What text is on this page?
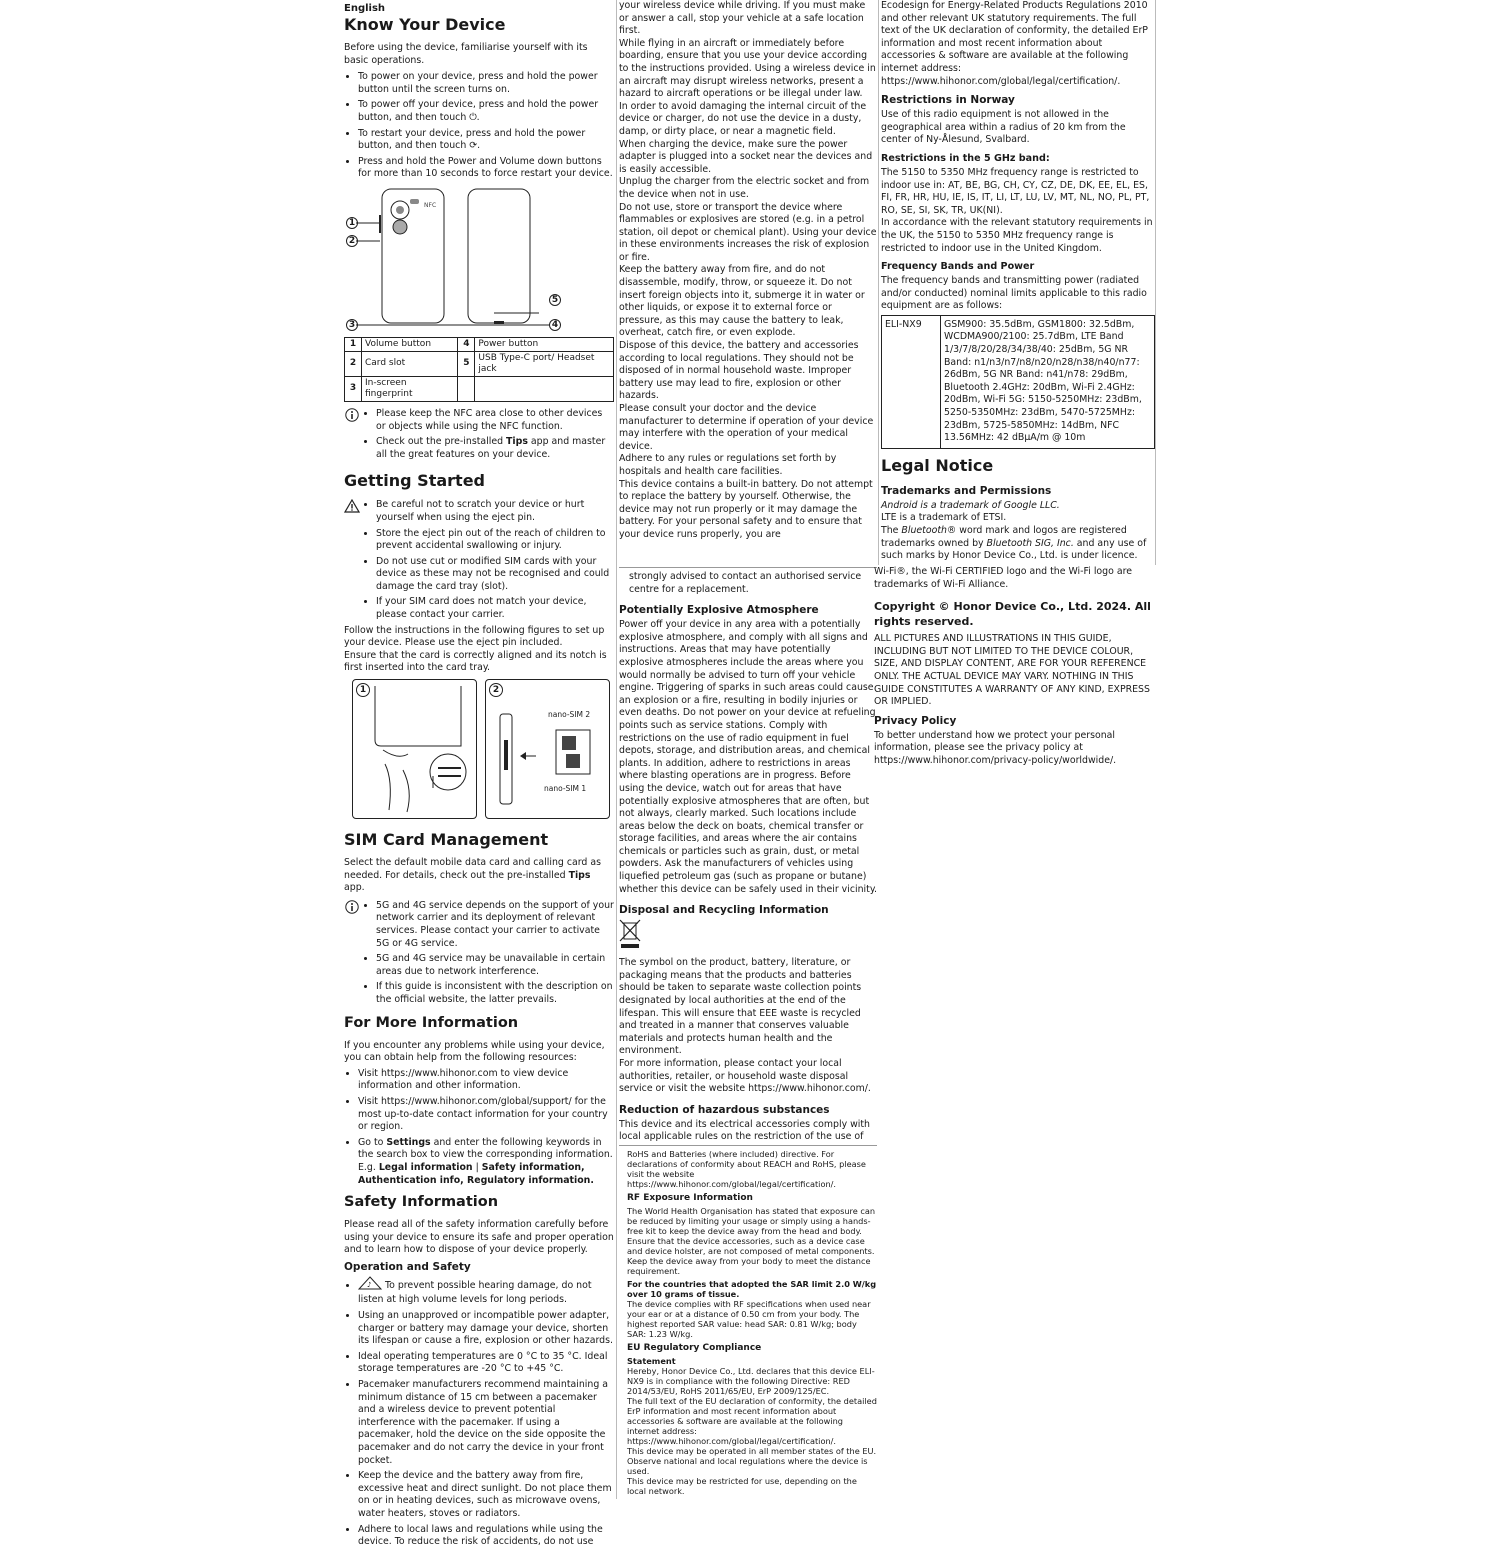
English
Know Your Device

Before using the device, familiarise yourself with its basic operations.

• To power on your device, press and hold the power button until the screen turns on.
• To power off your device, press and hold the power button, and then touch ⏻.
• To restart your device, press and hold the power button, and then touch ⟳.
• Press and hold the Power and Volume down buttons for more than 10 seconds to force restart your device.
NFC
1
2
3	4
5
1	Volume button	4	Power button
2	Card slot	5	USB Type-C port/ Headset jack
3	In-screen fingerprint		
• Please keep the NFC area close to other devices or objects while using the NFC function.
• Check out the pre-installed Tips app and master all the great features on your device.
Getting Started
• Be careful not to scratch your device or hurt yourself when using the eject pin.
• Store the eject pin out of the reach of children to prevent accidental swallowing or injury.
• Do not use cut or modified SIM cards with your device as these may not be recognised and could damage the card tray (slot).
• If your SIM card does not match your device, please contact your carrier.

Follow the instructions in the following figures to set up your device. Please use the eject pin included.

Ensure that the card is correctly aligned and its notch is first inserted into the card tray.

1	2
nano-SIM 2
nano-SIM 1
SIM Card Management

Select the default mobile data card and calling card as needed. For details, check out the pre-installed Tips app.

• 5G and 4G service depends on the support of your network carrier and its deployment of relevant services. Please contact your carrier to activate 5G or 4G service.
• 5G and 4G service may be unavailable in certain areas due to network interference.
• If this guide is inconsistent with the description on the official website, the latter prevails.
For More Information

If you encounter any problems while using your device, you can obtain help from the following resources:

• Visit https://www.hihonor.com to view device information and other information.
• Visit https://www.hihonor.com/global/support/ for the most up-to-date contact information for your country or region.
• Go to Settings and enter the following keywords in the search box to view the corresponding information. E.g. Legal information | Safety information, Authentication info, Regulatory information.
Safety Information

Please read all of the safety information carefully before using your device to ensure its safe and proper operation and to learn how to dispose of your device properly.

Operation and Safety
• ♪ To prevent possible hearing damage, do not listen at high volume levels for long periods.
• Using an unapproved or incompatible power adapter, charger or battery may damage your device, shorten its lifespan or cause a fire, explosion or other hazards.
• Ideal operating temperatures are 0 °C to 35 °C. Ideal storage temperatures are -20 °C to +45 °C.
• Pacemaker manufacturers recommend maintaining a minimum distance of 15 cm between a pacemaker and a wireless device to prevent potential interference with the pacemaker. If using a pacemaker, hold the device on the side opposite the pacemaker and do not carry the device in your front pocket.
• Keep the device and the battery away from fire, excessive heat and direct sunlight. Do not place them on or in heating devices, such as microwave ovens, water heaters, stoves or radiators.
• Adhere to local laws and regulations while using the device. To reduce the risk of accidents, do not use

your wireless device while driving. If you must make or answer a call, stop your vehicle at a safe location first.

While flying in an aircraft or immediately before boarding, ensure that you use your device according to the instructions provided. Using a wireless device in an aircraft may disrupt wireless networks, present a hazard to aircraft operations or be illegal under law.

In order to avoid damaging the internal circuit of the device or charger, do not use the device in a dusty, damp, or dirty place, or near a magnetic field.

When charging the device, make sure the power adapter is plugged into a socket near the devices and is easily accessible.

Unplug the charger from the electric socket and from the device when not in use.

Do not use, store or transport the device where flammables or explosives are stored (e.g. in a petrol station, oil depot or chemical plant). Using your device in these environments increases the risk of explosion or fire.

Keep the battery away from fire, and do not disassemble, modify, throw, or squeeze it. Do not insert foreign objects into it, submerge it in water or other liquids, or expose it to external force or pressure, as this may cause the battery to leak, overheat, catch fire, or even explode.

Dispose of this device, the battery and accessories according to local regulations. They should not be disposed of in normal household waste. Improper battery use may lead to fire, explosion or other hazards.

Please consult your doctor and the device manufacturer to determine if operation of your device may interfere with the operation of your medical device.

Adhere to any rules or regulations set forth by hospitals and health care facilities.

This device contains a built-in battery. Do not attempt to replace the battery by yourself. Otherwise, the device may not run properly or it may damage the battery. For your personal safety and to ensure that your device runs properly, you are

strongly advised to contact an authorised service centre for a replacement.

Potentially Explosive Atmosphere

Power off your device in any area with a potentially explosive atmosphere, and comply with all signs and instructions. Areas that may have potentially explosive atmospheres include the areas where you would normally be advised to turn off your vehicle engine. Triggering of sparks in such areas could cause an explosion or a fire, resulting in bodily injuries or even deaths. Do not power on your device at refueling points such as service stations. Comply with restrictions on the use of radio equipment in fuel depots, storage, and distribution areas, and chemical plants. In addition, adhere to restrictions in areas where blasting operations are in progress. Before using the device, watch out for areas that have potentially explosive atmospheres that are often, but not always, clearly marked. Such locations include areas below the deck on boats, chemical transfer or storage facilities, and areas where the air contains chemicals or particles such as grain, dust, or metal powders. Ask the manufacturers of vehicles using liquefied petroleum gas (such as propane or butane) whether this device can be safely used in their vicinity.

Disposal and Recycling Information

The symbol on the product, battery, literature, or packaging means that the products and batteries should be taken to separate waste collection points designated by local authorities at the end of the lifespan. This will ensure that EEE waste is recycled and treated in a manner that conserves valuable materials and protects human health and the environment.

For more information, please contact your local authorities, retailer, or household waste disposal service or visit the website https://www.hihonor.com/.

Reduction of hazardous substances

This device and its electrical accessories comply with local applicable rules on the restriction of the use of

RoHS and Batteries (where included) directive. For declarations of conformity about REACH and RoHS, please visit the website https://www.hihonor.com/global/legal/certification/.

RF Exposure Information

The World Health Organisation has stated that exposure can be reduced by limiting your usage or simply using a hands-free kit to keep the device away from the head and body.

Ensure that the device accessories, such as a device case and device holster, are not composed of metal components. Keep the device away from your body to meet the distance requirement.

For the countries that adopted the SAR limit 2.0 W/kg over 10 grams of tissue.

The device complies with RF specifications when used near your ear or at a distance of 0.50 cm from your body. The highest reported SAR value: head SAR: 0.81 W/kg; body SAR: 1.23 W/kg.

EU Regulatory Compliance

Statement

Hereby, Honor Device Co., Ltd. declares that this device ELI-NX9 is in compliance with the following Directive: RED 2014/53/EU, RoHS 2011/65/EU, ErP 2009/125/EC.

The full text of the EU declaration of conformity, the detailed ErP information and most recent information about accessories & software are available at the following internet address: https://www.hihonor.com/global/legal/certification/.

This device may be operated in all member states of the EU.

Observe national and local regulations where the device is used.

This device may be restricted for use, depending on the local network.

Ecodesign for Energy-Related Products Regulations 2010 and other relevant UK statutory requirements. The full text of the UK declaration of conformity, the detailed ErP information and most recent information about accessories & software are available at the following internet address: https://www.hihonor.com/global/legal/certification/.

Restrictions in Norway

Use of this radio equipment is not allowed in the geographical area within a radius of 20 km from the center of Ny-Ålesund, Svalbard.

Restrictions in the 5 GHz band:

The 5150 to 5350 MHz frequency range is restricted to indoor use in: AT, BE, BG, CH, CY, CZ, DE, DK, EE, EL, ES, FI, FR, HR, HU, IE, IS, IT, LI, LT, LU, LV, MT, NL, NO, PL, PT, RO, SE, SI, SK, TR, UK(NI).

In accordance with the relevant statutory requirements in the UK, the 5150 to 5350 MHz frequency range is restricted to indoor use in the United Kingdom.

Frequency Bands and Power

The frequency bands and transmitting power (radiated and/or conducted) nominal limits applicable to this radio equipment are as follows:

ELI-NX9	GSM900: 35.5dBm, GSM1800: 32.5dBm, WCDMA900/2100: 25.7dBm, LTE Band 1/3/7/8/20/28/34/38/40: 25dBm, 5G NR Band: n1/n3/n7/n8/n20/n28/n38/n40/n77: 26dBm, 5G NR Band: n41/n78: 29dBm, Bluetooth 2.4GHz: 20dBm, Wi-Fi 2.4GHz: 20dBm, Wi-Fi 5G: 5150-5250MHz: 23dBm, 5250-5350MHz: 23dBm, 5470-5725MHz: 23dBm, 5725-5850MHz: 14dBm, NFC 13.56MHz: 42 dBμA/m @ 10m
Legal Notice
Trademarks and Permissions

Android is a trademark of Google LLC.

LTE is a trademark of ETSI.

The Bluetooth® word mark and logos are registered trademarks owned by Bluetooth SIG, Inc. and any use of such marks by Honor Device Co., Ltd. is under licence.

Wi-Fi®, the Wi-Fi CERTIFIED logo and the Wi-Fi logo are trademarks of Wi-Fi Alliance.

Copyright © Honor Device Co., Ltd. 2024. All rights reserved.

ALL PICTURES AND ILLUSTRATIONS IN THIS GUIDE, INCLUDING BUT NOT LIMITED TO THE DEVICE COLOUR, SIZE, AND DISPLAY CONTENT, ARE FOR YOUR REFERENCE ONLY. THE ACTUAL DEVICE MAY VARY. NOTHING IN THIS GUIDE CONSTITUTES A WARRANTY OF ANY KIND, EXPRESS OR IMPLIED.

Privacy Policy

To better understand how we protect your personal information, please see the privacy policy at https://www.hihonor.com/privacy-policy/worldwide/.
